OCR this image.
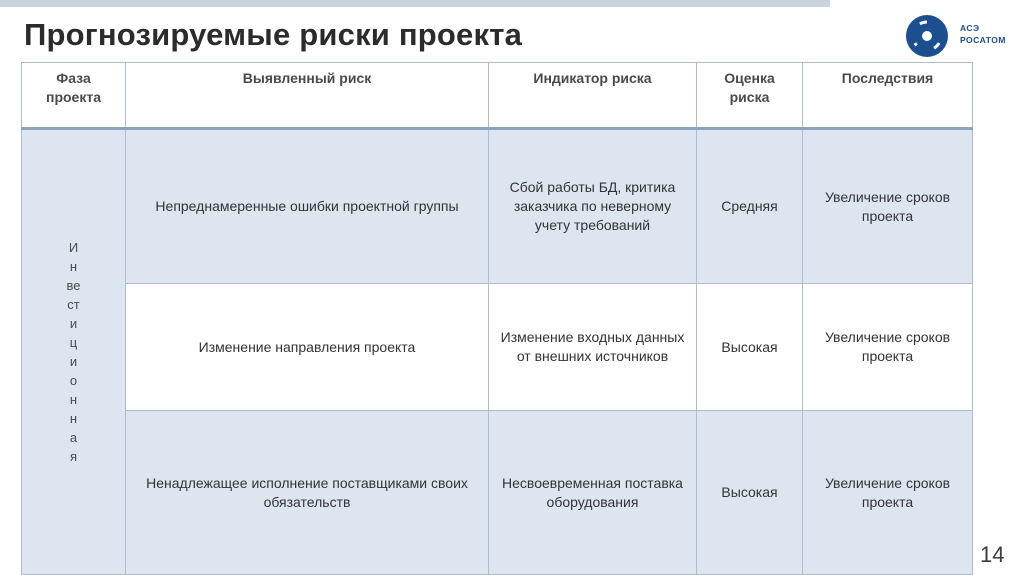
Прогнозируемые риски проекта	АСЭ
РОСАТОМ
Фаза проекта	Выявленный риск	Индикатор риска	Оценка риска	Последствия

Инвестиционная	Непреднамеренные ошибки проектной группы	Сбой работы БД, критика заказчика по неверному учету требований	Средняя	Увеличение сроков проекта
	Изменение направления проекта	Изменение входных данных от внешних источников	Высокая	Увеличение сроков проекта
	Ненадлежащее исполнение поставщиками своих обязательств	Несвоевременная поставка оборудования	Высокая	Увеличение сроков проекта
14
